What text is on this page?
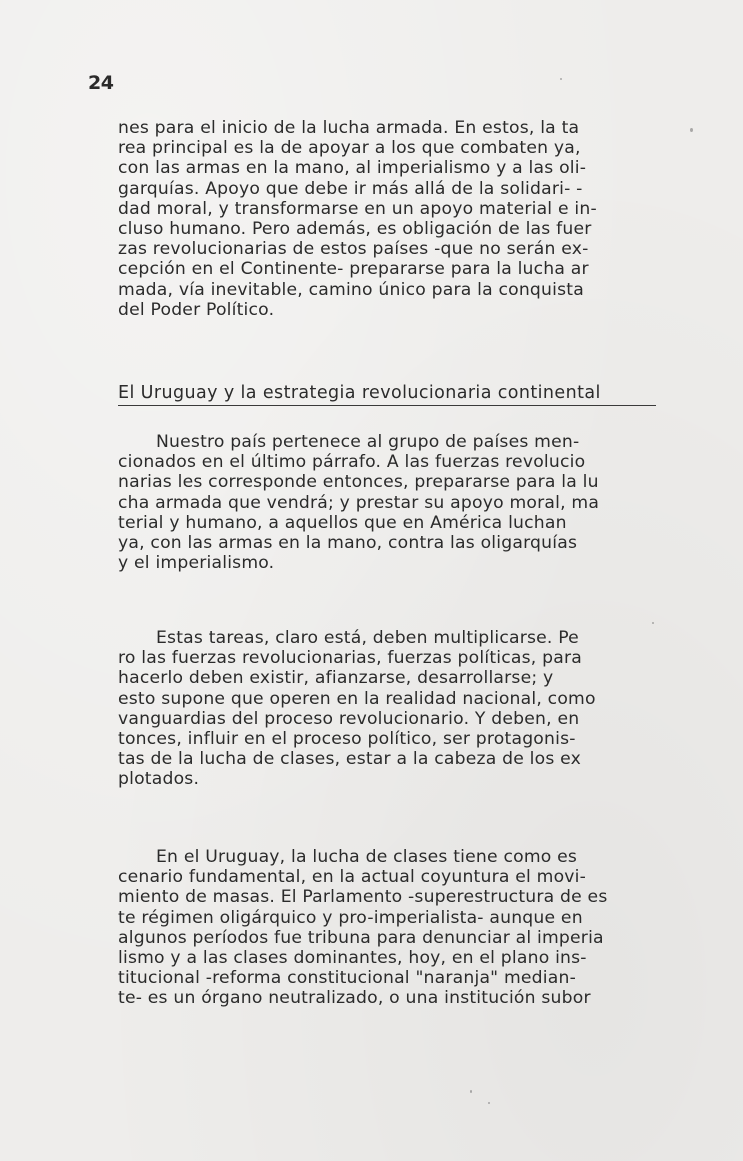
24
nes para el inicio de la lucha armada. En estos, la ta
rea principal es la de apoyar a los que combaten ya,
con las armas en la mano, al imperialismo y a las oli-
garquías. Apoyo que debe ir más allá de la solidari- -
dad moral, y transformarse en un apoyo material e in-
cluso humano. Pero además, es obligación de las fuer
zas revolucionarias de estos países -que no serán ex-
cepción en el Continente- prepararse para la lucha ar
mada, vía inevitable, camino único para la conquista
del Poder Político.
El Uruguay y la estrategia revolucionaria continental
Nuestro país pertenece al grupo de países men-
cionados en el último párrafo. A las fuerzas revolucio
narias les corresponde entonces, prepararse para la lu
cha armada que vendrá; y prestar su apoyo moral, ma
terial y humano, a aquellos que en América luchan
ya, con las armas en la mano, contra las oligarquías
y el imperialismo.
Estas tareas, claro está, deben multiplicarse. Pe
ro las fuerzas revolucionarias, fuerzas políticas, para
hacerlo deben existir, afianzarse, desarrollarse; y
esto supone que operen en la realidad nacional, como
vanguardias del proceso revolucionario. Y deben, en
tonces, influir en el proceso político, ser protagonis-
tas de la lucha de clases, estar a la cabeza de los ex
plotados.
En el Uruguay, la lucha de clases tiene como es
cenario fundamental, en la actual coyuntura el movi-
miento de masas. El Parlamento -superestructura de es
te régimen oligárquico y pro-imperialista- aunque en
algunos períodos fue tribuna para denunciar al imperia
lismo y a las clases dominantes, hoy, en el plano ins-
titucional -reforma constitucional "naranja" median-
te- es un órgano neutralizado, o una institución subor
